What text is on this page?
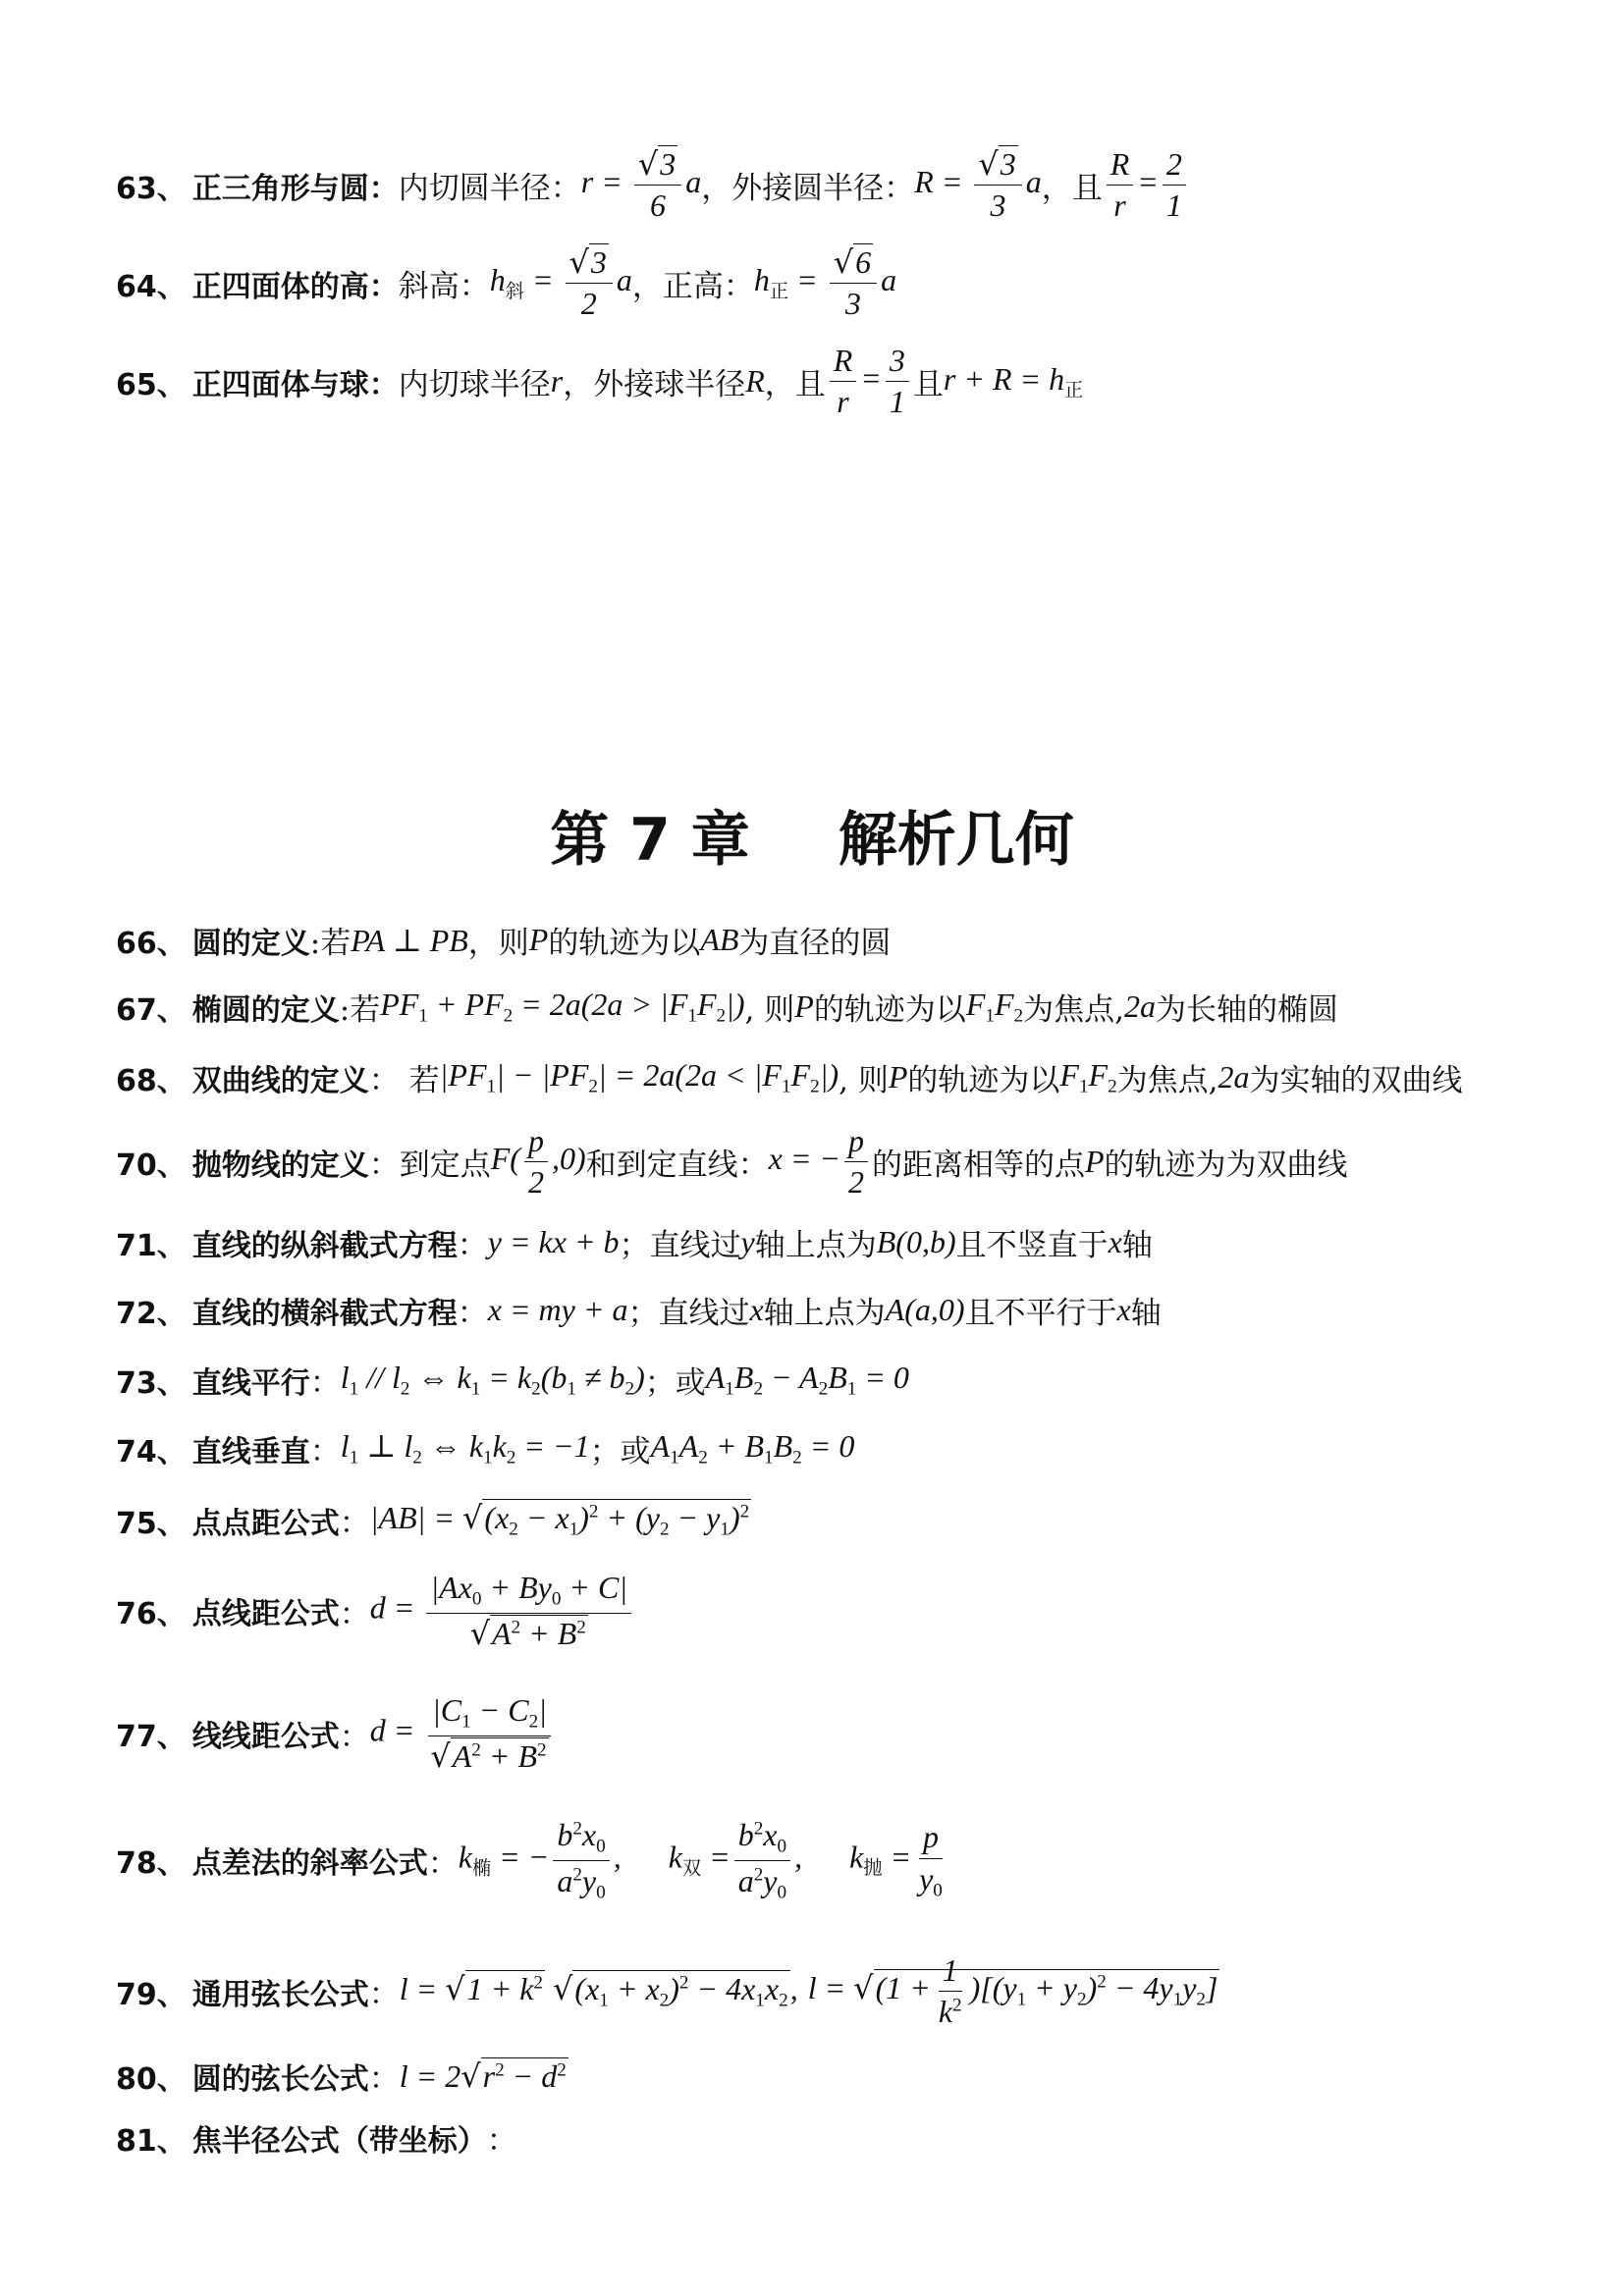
63、 正三角形与圆： 内切圆半径： $r = \frac{√3}{6}$ a ，外接圆半径： $R = \frac{√3}{3}$ a ，且 $\frac{R}{r} = \frac{2}{1}$
64、 正四面体的高： 斜高： $h_斜 = \frac{√3}{2}$ a ，正高： $h_正 = \frac{√6}{3}$ a
65、 正四面体与球： 内切球半径 r ，外接球半径 R ，且 $\frac{R}{r} = \frac{3}{1}$ 且 $r + R = h_正$
第 7 章 解析几何
66、 圆的定义 :若 PA ⊥ PB ，则 P 的轨迹为以 AB 为直径的圆
67、 椭圆的定义 :若 $PF_1 + PF_2 = 2a(2a > |F_1F_2|)$ , 则 P 的轨迹为以 $F_1F_2$ 为焦点, 2a 为长轴的椭圆
68、 双曲线的定义 ： 若 $|PF_1| - |PF_2| = 2a(2a < |F_1F_2|)$ , 则 P 的轨迹为以 $F_1F_2$ 为焦点, 2a 为实轴的双曲线
70、 抛物线的定义 ：到定点 $F( \frac{p}{2} ,0)$ 和到定直线： x = − $\frac{p}{2}$ 的距离相等的点 P 的轨迹为为双曲线
71、 直线的纵斜截式方程 ： y = kx + b ；直线过 y 轴上点为 B(0,b) 且不竖直于 x 轴
72、 直线的横斜截式方程 ： x = my + a ；直线过 x 轴上点为 A(a,0) 且不平行于 x 轴
73、 直线平行 ： $l_1 // l_2$ ⇔ $k_1 = k_2(b_1 \ne b_2)$ ；或 $A_1B_2 - A_2B_1 = 0$
74、 直线垂直 ： $l_1$ ⊥ $l_2$ ⇔ $k_1k_2 = -1$ ；或 $A_1A_2 + B_1B_2 = 0$
75、 点点距公式 ： $|AB| = √(x_2 - x_1)^2 + (y_2 - y_1)^2$
76、 点线距公式 ： $d = \frac{|Ax_0 + By_0 + C|}{√A^2 + B^2}$
77、 线线距公式 ： $d = \frac{|C_1 - C_2|}{√A^2 + B^2}$
78、 点差法的斜率公式 ： $k_椭$ = − $\frac{b^2x_0}{a^2y_0}$ , $k_双 = \frac{b^2x_0}{a^2y_0}$ , $k_抛 = \frac{p}{y_0}$
79、 通用弦长公式 ： $l = √1 + k^2$ $√(x_1 + x_2)^2 - 4x_1x_2$, $l = √(1 + \frac{1}{k^2} )[(y_1 + y_2)^2 - 4y_1y_2]$
80、 圆的弦长公式 ： $l = 2√r^2 - d^2$
81、 焦半径公式（带坐标） ：
